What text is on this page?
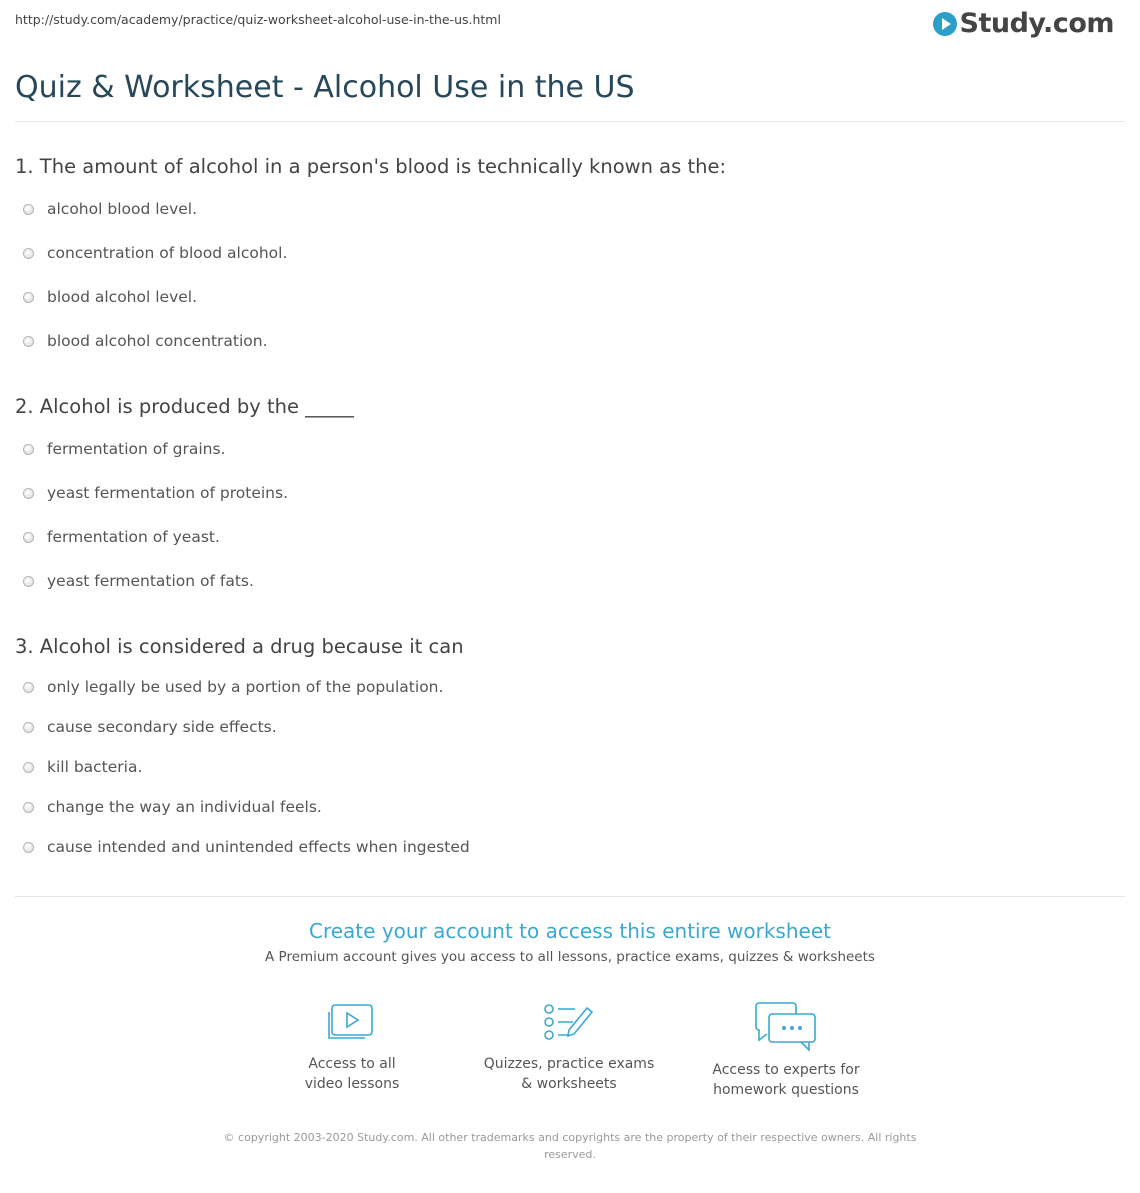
http://study.com/academy/practice/quiz-worksheet-alcohol-use-in-the-us.html	Study.com
Quiz & Worksheet - Alcohol Use in the US
1. The amount of alcohol in a person's blood is technically known as the:
alcohol blood level.
concentration of blood alcohol.
blood alcohol level.
blood alcohol concentration.
2. Alcohol is produced by the _____
fermentation of grains.
yeast fermentation of proteins.
fermentation of yeast.
yeast fermentation of fats.
3. Alcohol is considered a drug because it can
only legally be used by a portion of the population.
cause secondary side effects.
kill bacteria.
change the way an individual feels.
cause intended and unintended effects when ingested
Create your account to access this entire worksheet
A Premium account gives you access to all lessons, practice exams, quizzes & worksheets
Access to all
video lessons
Quizzes, practice exams
& worksheets
Access to experts for
homework questions
© copyright 2003-2020 Study.com. All other trademarks and copyrights are the property of their respective owners. All rights reserved.
